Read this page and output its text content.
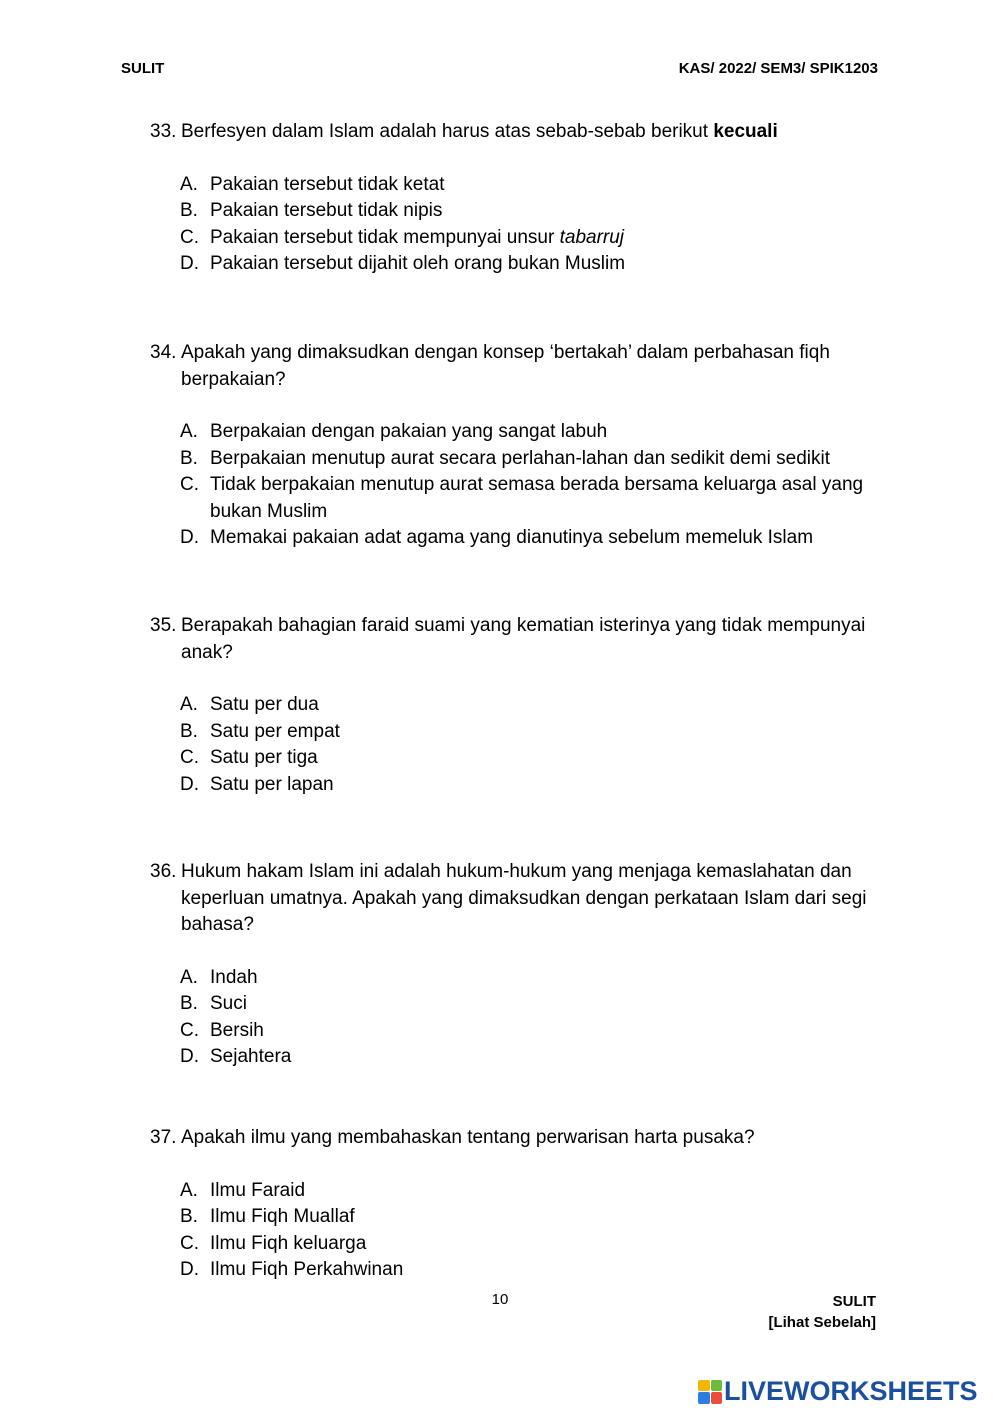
SULIT	KAS/ 2022/ SEM3/ SPIK1203
33. Berfesyen dalam Islam adalah harus atas sebab-sebab berikut kecuali
A. Pakaian tersebut tidak ketat
B. Pakaian tersebut tidak nipis
C. Pakaian tersebut tidak mempunyai unsur tabarruj
D. Pakaian tersebut dijahit oleh orang bukan Muslim
34. Apakah yang dimaksudkan dengan konsep ‘bertakah’ dalam perbahasan fiqh berpakaian?
A. Berpakaian dengan pakaian yang sangat labuh
B. Berpakaian menutup aurat secara perlahan-lahan dan sedikit demi sedikit
C. Tidak berpakaian menutup aurat semasa berada bersama keluarga asal yang bukan Muslim
D. Memakai pakaian adat agama yang dianutinya sebelum memeluk Islam
35. Berapakah bahagian faraid suami yang kematian isterinya yang tidak mempunyai anak?
A. Satu per dua
B. Satu per empat
C. Satu per tiga
D. Satu per lapan
36. Hukum hakam Islam ini adalah hukum-hukum yang menjaga kemaslahatan dan keperluan umatnya. Apakah yang dimaksudkan dengan perkataan Islam dari segi bahasa?
A. Indah
B. Suci
C. Bersih
D. Sejahtera
37. Apakah ilmu yang membahaskan tentang perwarisan harta pusaka?
A. Ilmu Faraid
B. Ilmu Fiqh Muallaf
C. Ilmu Fiqh keluarga
D. Ilmu Fiqh Perkahwinan
10	SULIT
[Lihat Sebelah]
LIVEWORKSHEETS
